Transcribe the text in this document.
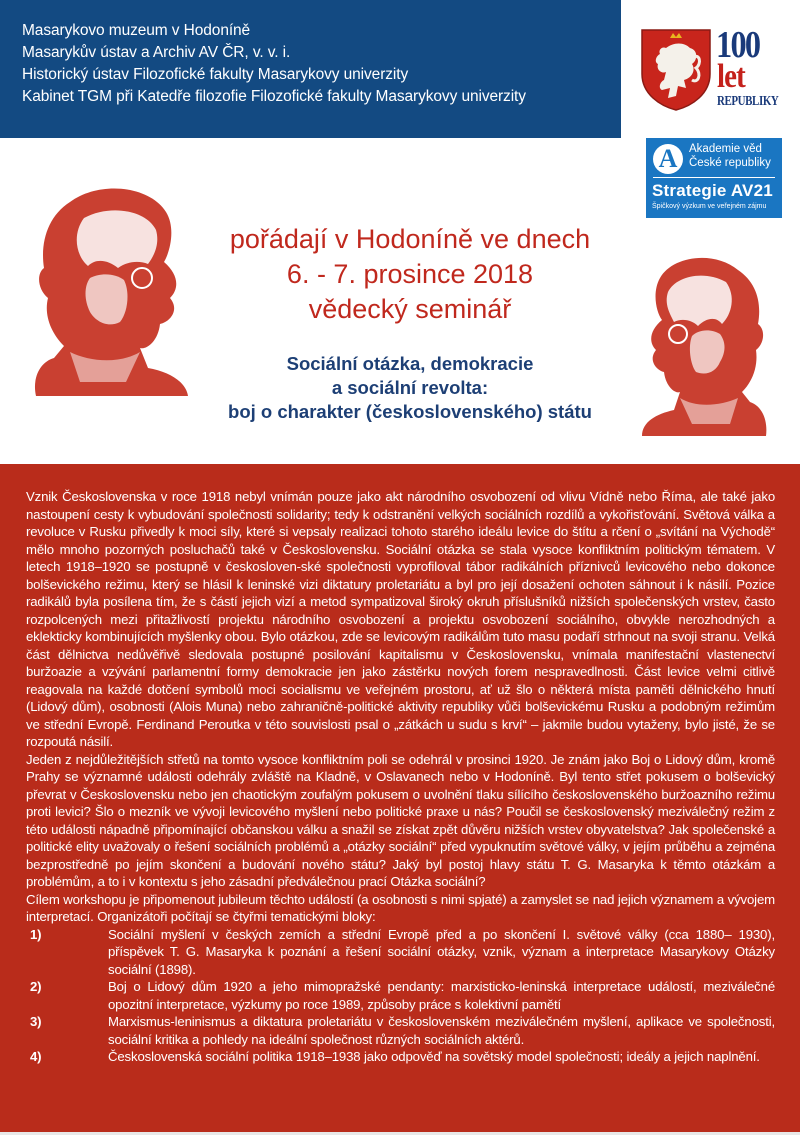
Masarykovo muzeum v Hodoníně
Masarykův ústav a Archiv AV ČR, v. v. i.
Historický ústav Filozofické fakulty Masarykovy univerzity
Kabinet TGM při Katedře filozofie Filozofické fakulty Masarykovy univerzity
100
let
REPUBLIKY
A	Akademie věd
České republiky
Strategie AV21
Špičkový výzkum ve veřejném zájmu
pořádají v Hodoníně ve dnech
6. - 7. prosince 2018
vědecký seminář
Sociální otázka, demokracie
a sociální revolta:
boj o charakter (československého) státu

Vznik Československa v roce 1918 nebyl vnímán pouze jako akt národního osvobození od vlivu Vídně nebo Říma, ale také jako nastoupení cesty k vybudování společnosti solidarity; tedy k odstranění velkých sociálních rozdílů a vykořisťování. Světová válka a revoluce v Rusku přivedly k moci síly, které si vepsaly realizaci tohoto starého ideálu levice do štítu a rčení o „svítání na Východě“ mělo mnoho pozorných posluchačů také v Československu. Sociální otázka se stala vysoce konfliktním politickým tématem. V letech 1918–1920 se postupně v českosloven-ské společnosti vyprofiloval tábor radikálních příznivců levicového nebo dokonce bolševického režimu, který se hlásil k leninské vizi diktatury proletariátu a byl pro její dosažení ochoten sáhnout i k násilí. Pozice radikálů byla posílena tím, že s částí jejich vizí a metod sympatizoval široký okruh příslušníků nižších společenských vrstev, často rozpolcených mezi přitažlivostí projektu národního osvobození a projektu osvobození sociálního, obvykle nerozhodných a eklekticky kombinujících myšlenky obou. Bylo otázkou, zde se levicovým radikálům tuto masu podaří strhnout na svoji stranu. Velká část dělnictva nedůvěřivě sledovala postupné posilování kapitalismu v Československu, vnímala manifestační vlastenectví buržoazie a vzývání parlamentní formy demokracie jen jako zástěrku nových forem nespravedlnosti. Část levice velmi citlivě reagovala na každé dotčení symbolů moci socialismu ve veřejném prostoru, ať už šlo o některá místa paměti dělnického hnutí (Lidový dům), osobnosti (Alois Muna) nebo zahraničně-politické aktivity republiky vůči bolševickému Rusku a podobným režimům ve střední Evropě. Ferdinand Peroutka v této souvislosti psal o „zátkách u sudu s krví“ – jakmile budou vytaženy, bylo jisté, že se rozpoutá násilí.

Jeden z nejdůležitějších střetů na tomto vysoce konfliktním poli se odehrál v prosinci 1920. Je znám jako Boj o Lidový dům, kromě Prahy se významné události odehrály zvláště na Kladně, v Oslavanech nebo v Hodoníně. Byl tento střet pokusem o bolševický převrat v Československu nebo jen chaotickým zoufalým pokusem o uvolnění tlaku sílícího československého buržoazního režimu proti levici? Šlo o mezník ve vývoji levicového myšlení nebo politické praxe u nás? Poučil se československý meziválečný režim z této události nápadně připomínající občanskou válku a snažil se získat zpět důvěru nižších vrstev obyvatelstva? Jak společenské a politické elity uvažovaly o řešení sociálních problémů a „otázky sociální“ před vypuknutím světové války, v jejím průběhu a zejména bezprostředně po jejím skončení a budování nového státu? Jaký byl postoj hlavy státu T. G. Masaryka k těmto otázkám a problémům, a to i v kontextu s jeho zásadní předválečnou prací Otázka sociální?

Cílem workshopu je připomenout jubileum těchto událostí (a osobnosti s nimi spjaté) a zamyslet se nad jejich významem a vývojem interpretací. Organizátoři počítají se čtyřmi tematickými bloky:

1)	Sociální myšlení v českých zemích a střední Evropě před a po skončení I. světové války (cca 1880– 1930), příspěvek T. G. Masaryka k poznání a řešení sociální otázky, vznik, význam a interpretace Masarykovy Otázky sociální (1898).
2)	Boj o Lidový dům 1920 a jeho mimopražské pendanty: marxisticko-leninská interpretace událostí, meziválečné opozitní interpretace, výzkumy po roce 1989, způsoby práce s kolektivní pamětí
3)	Marxismus-leninismus a diktatura proletariátu v československém meziválečném myšlení, aplikace ve společnosti, sociální kritika a pohledy na ideální společnost různých sociálních aktérů.
4)	Československá sociální politika 1918–1938 jako odpověď na sovětský model společnosti; ideály a jejich naplnění.
